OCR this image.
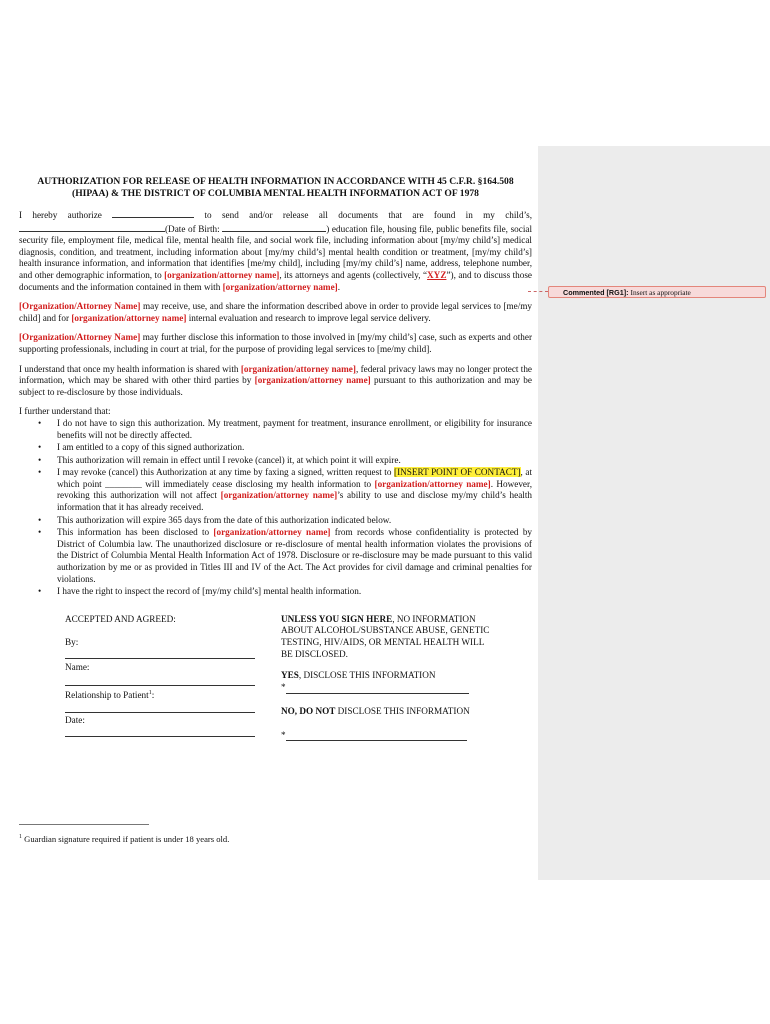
AUTHORIZATION FOR RELEASE OF HEALTH INFORMATION IN ACCORDANCE WITH 45 C.F.R. §164.508
(HIPAA) & THE DISTRICT OF COLUMBIA MENTAL HEALTH INFORMATION ACT OF 1978

I hereby authorize	to send and/or release all documents that are found in my child’s, (Date of Birth:	) education file, housing file, public benefits file, social security file, employment file, medical file, mental health file, and social work file, including information about [my/my child’s] medical diagnosis, condition, and treatment, including information about [my/my child’s] mental health condition or treatment, [my/my child’s] health insurance information, and information that identifies [me/my child], including [my/my child’s] name, address, telephone number, and other demographic information, to [organization/attorney name], its attorneys and agents (collectively, “XYZ”), and to discuss those documents and the information contained in them with [organization/attorney name].

[Organization/Attorney Name] may receive, use, and share the information described above in order to provide legal services to [me/my child] and for [organization/attorney name] internal evaluation and research to improve legal service delivery.

[Organization/Attorney Name] may further disclose this information to those involved in [my/my child’s] case, such as experts and other supporting professionals, including in court at trial, for the purpose of providing legal services to [me/my child].

I understand that once my health information is shared with [organization/attorney name], federal privacy laws may no longer protect the information, which may be shared with other third parties by [organization/attorney name] pursuant to this authorization and may be subject to re-disclosure by those individuals.

I further understand that:
• I do not have to sign this authorization. My treatment, payment for treatment, insurance enrollment, or eligibility for insurance benefits will not be directly affected.
• I am entitled to a copy of this signed authorization.
• This authorization will remain in effect until I revoke (cancel) it, at which point it will expire.
• I may revoke (cancel) this Authorization at any time by faxing a signed, written request to [INSERT POINT OF CONTACT], at which point ________ will immediately cease disclosing my health information to [organization/attorney name]. However, revoking this authorization will not affect [organization/attorney name]’s ability to use and disclose my/my child’s health information that it has already received.
• This authorization will expire 365 days from the date of this authorization indicated below.
• This information has been disclosed to [organization/attorney name] from records whose confidentiality is protected by District of Columbia law. The unauthorized disclosure or re-disclosure of mental health information violates the provisions of the District of Columbia Mental Health Information Act of 1978. Disclosure or re-disclosure may be made pursuant to this valid authorization by me or as provided in Titles III and IV of the Act. The Act provides for civil damage and criminal penalties for violations.
• I have the right to inspect the record of [my/my child’s] mental health information.
ACCEPTED AND AGREED:
By:
Name:
Relationship to Patient$^1$:
Date:
UNLESS YOU SIGN HERE, NO INFORMATION ABOUT ALCOHOL/SUBSTANCE ABUSE, GENETIC TESTING, HIV/AIDS, OR MENTAL HEALTH WILL BE DISCLOSED.
YES, DISCLOSE THIS INFORMATION
*
NO, DO NOT DISCLOSE THIS INFORMATION
*
$^1$ Guardian signature required if patient is under 18 years old.
Commented [RG1]: Insert as appropriate
